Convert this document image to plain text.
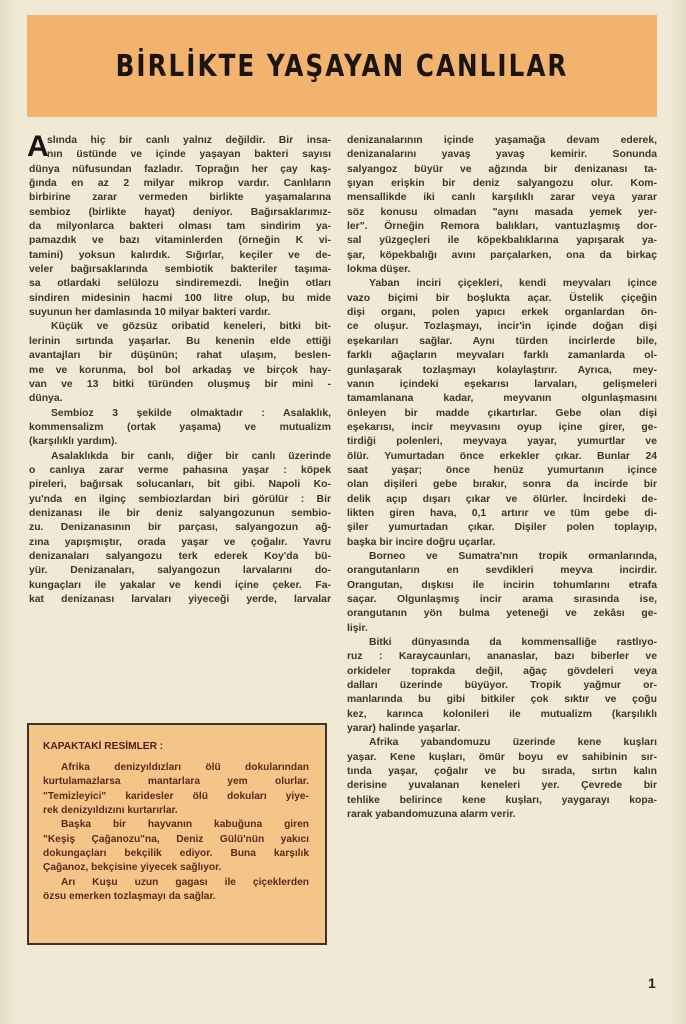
BİRLİKTE YAŞAYAN CANLILAR
A
slında hiç bir canlı yalnız değildir. Bir insa-
nın üstünde ve içinde yaşayan bakteri sayısı
dünya nüfusundan fazladır. Toprağın her çay kaş-
ğında en az 2 milyar mikrop vardır. Canlıların
birbirine zarar vermeden birlikte yaşamalarına
sembioz (birlikte hayat) deniyor. Bağırsaklarımız-
da milyonlarca bakteri olması tam sindirim ya-
pamazdık ve bazı vitaminlerden (örneğin K vi-
tamini) yoksun kalırdık. Sığırlar, keçiler ve de-
veler bağırsaklarında sembiotik bakteriler taşıma-
sa otlardaki selülozu sindiremezdi. İneğin otları
sindiren midesinin hacmi 100 litre olup, bu mide
suyunun her damlasında 10 milyar bakteri vardır.
Küçük ve gözsüz oribatid keneleri, bitki bit-
lerinin sırtında yaşarlar. Bu kenenin elde ettiği
avantajları bir düşünün; rahat ulaşım, beslen-
me ve korunma, bol bol arkadaş ve birçok hay-
van ve 13 bitki türünden oluşmuş bir mini -
dünya.
Sembioz 3 şekilde olmaktadır : Asalaklık,
kommensalizm (ortak yaşama) ve mutualizm
(karşılıklı yardım).
Asalaklıkda bir canlı, diğer bir canlı üzerinde
o canlıya zarar verme pahasına yaşar : köpek
pireleri, bağırsak solucanları, bit gibi. Napoli Ko-
yu'nda en ilginç sembiozlardan biri görülür : Bir
denizanası ile bir deniz salyangozunun sembio-
zu. Denizanasının bir parçası, salyangozun ağ-
zına yapışmıştır, orada yaşar ve çoğalır. Yavru
denizanaları salyangozu terk ederek Koy'da bü-
yür. Denizanaları, salyangozun larvalarını do-
kungaçları ile yakalar ve kendi içine çeker. Fa-
kat denizanası larvaları yiyeceği yerde, larvalar
denizanalarının içinde yaşamağa devam ederek,
denizanalarını yavaş yavaş kemirir. Sonunda
salyangoz büyür ve ağzında bir denizanası ta-
şıyan erişkin bir deniz salyangozu olur. Kom-
mensallikde iki canlı karşılıklı zarar veya yarar
söz konusu olmadan "aynı masada yemek yer-
ler". Örneğin Remora balıkları, vantuzlaşmış dor-
sal yüzgeçleri ile köpekbalıklarına yapışarak ya-
şar, köpekbalığı avını parçalarken, ona da birkaç
lokma düşer.
Yaban inciri çiçekleri, kendi meyvaları içince
vazo biçimi bir boşlukta açar. Üstelik çiçeğin
dişi organı, polen yapıcı erkek organlardan ön-
ce oluşur. Tozlaşmayı, incir'in içinde doğan dişi
eşekarıları sağlar. Aynı türden incirlerde bile,
farklı ağaçların meyvaları farklı zamanlarda ol-
gunlaşarak tozlaşmayı kolaylaştırır. Ayrıca, mey-
vanın içindeki eşekarısı larvaları, gelişmeleri
tamamlanana kadar, meyvanın olgunlaşmasını
önleyen bir madde çıkartırlar. Gebe olan dişi
eşekarısı, incir meyvasını oyup içine girer, ge-
tirdiği polenleri, meyvaya yayar, yumurtlar ve
ölür. Yumurtadan önce erkekler çıkar. Bunlar 24
saat yaşar; önce henüz yumurtanın içince
olan dişileri gebe bırakır, sonra da incirde bir
delik açıp dışarı çıkar ve ölürler. İncirdeki de-
likten giren hava, 0,1 artırır ve tüm gebe di-
şiler yumurtadan çıkar. Dişiler polen toplayıp,
başka bir incire doğru uçarlar.
Borneo ve Sumatra'nın tropik ormanlarında,
orangutanların en sevdikleri meyva incirdir.
Orangutan, dışkısı ile incirin tohumlarını etrafa
saçar. Olgunlaşmış incir arama sırasında ise,
orangutanın yön bulma yeteneği ve zekâsı ge-
lişir.
Bitki dünyasında da kommensalliğe rastlıyo-
ruz : Karaycaunları, ananaslar, bazı biberler ve
orkideler toprakda değil, ağaç gövdeleri veya
dalları üzerinde büyüyor. Tropik yağmur or-
manlarında bu gibi bitkiler çok sıktır ve çoğu
kez, karınca kolonileri ile mutualizm (karşılıklı
yarar) halinde yaşarlar.
Afrika yabandomuzu üzerinde kene kuşları
yaşar. Kene kuşları, ömür boyu ev sahibinin sır-
tında yaşar, çoğalır ve bu sırada, sırtın kalın
derisine yuvalanan keneleri yer. Çevrede bir
tehlike belirince kene kuşları, yaygarayı kopa-
rarak yabandomuzuna alarm verir.
KAPAKTAKİ RESİMLER :
Afrika denizyıldızları ölü dokularından
kurtulamazlarsa mantarlara yem olurlar.
"Temizleyici" karidesler ölü dokuları yiye-
rek denizyıldızını kurtarırlar.
Başka bir hayvanın kabuğuna giren
"Keşiş Çağanozu"na, Deniz Gülü'nün yakıcı
dokungaçları bekçilik ediyor. Buna karşılık
Çağanoz, bekçisine yiyecek sağlıyor.
Arı Kuşu uzun gagası ile çiçeklerden
özsu emerken tozlaşmayı da sağlar.
1
